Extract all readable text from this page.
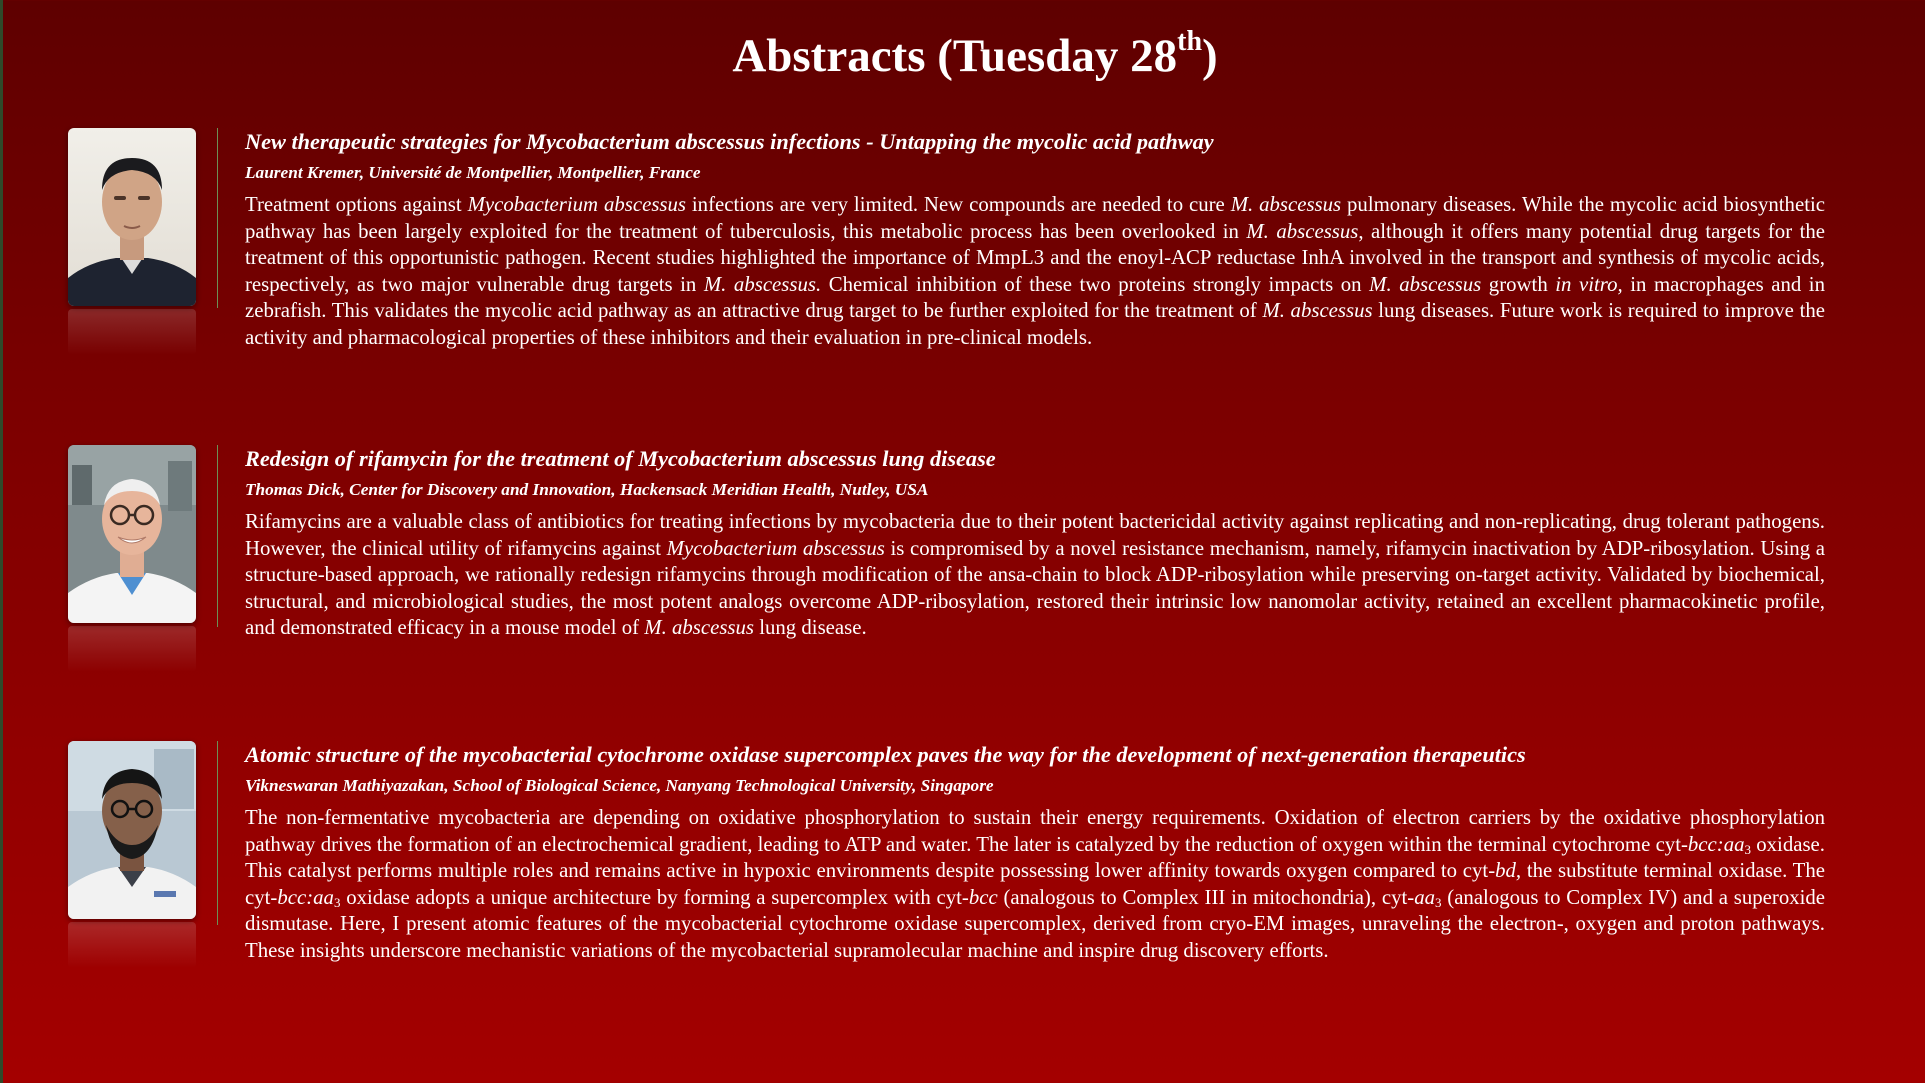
Abstracts (Tuesday 28th)
New therapeutic strategies for Mycobacterium abscessus infections - Untapping the mycolic acid pathway
Laurent Kremer, Université de Montpellier, Montpellier, France
Treatment options against Mycobacterium abscessus infections are very limited. New compounds are needed to cure M. abscessus pulmonary diseases. While the mycolic acid biosynthetic pathway has been largely exploited for the treatment of tuberculosis, this metabolic process has been overlooked in M. abscessus, although it offers many potential drug targets for the treatment of this opportunistic pathogen. Recent studies highlighted the importance of MmpL3 and the enoyl-ACP reductase InhA involved in the transport and synthesis of mycolic acids, respectively, as two major vulnerable drug targets in M. abscessus. Chemical inhibition of these two proteins strongly impacts on M. abscessus growth in vitro, in macrophages and in zebrafish. This validates the mycolic acid pathway as an attractive drug target to be further exploited for the treatment of M. abscessus lung diseases. Future work is required to improve the activity and pharmacological properties of these inhibitors and their evaluation in pre-clinical models.
Redesign of rifamycin for the treatment of Mycobacterium abscessus lung disease
Thomas Dick, Center for Discovery and Innovation, Hackensack Meridian Health, Nutley, USA
Rifamycins are a valuable class of antibiotics for treating infections by mycobacteria due to their potent bactericidal activity against replicating and non-replicating, drug tolerant pathogens. However, the clinical utility of rifamycins against Mycobacterium abscessus is compromised by a novel resistance mechanism, namely, rifamycin inactivation by ADP-ribosylation. Using a structure-based approach, we rationally redesign rifamycins through modification of the ansa-chain to block ADP-ribosylation while preserving on-target activity. Validated by biochemical, structural, and microbiological studies, the most potent analogs overcome ADP-ribosylation, restored their intrinsic low nanomolar activity, retained an excellent pharmacokinetic profile, and demonstrated efficacy in a mouse model of M. abscessus lung disease.
Atomic structure of the mycobacterial cytochrome oxidase supercomplex paves the way for the development of next-generation therapeutics
Vikneswaran Mathiyazakan, School of Biological Science, Nanyang Technological University, Singapore
The non-fermentative mycobacteria are depending on oxidative phosphorylation to sustain their energy requirements. Oxidation of electron carriers by the oxidative phosphorylation pathway drives the formation of an electrochemical gradient, leading to ATP and water. The later is catalyzed by the reduction of oxygen within the terminal cytochrome cyt-$bcc:aa_3$ oxidase. This catalyst performs multiple roles and remains active in hypoxic environments despite possessing lower affinity towards oxygen compared to cyt-bd, the substitute terminal oxidase. The cyt-$bcc:aa_3$ oxidase adopts a unique architecture by forming a supercomplex with cyt-bcc (analogous to Complex III in mitochondria), cyt-$aa_3$ (analogous to Complex IV) and a superoxide dismutase. Here, I present atomic features of the mycobacterial cytochrome oxidase supercomplex, derived from cryo-EM images, unraveling the electron-, oxygen and proton pathways. These insights underscore mechanistic variations of the mycobacterial supramolecular machine and inspire drug discovery efforts.
